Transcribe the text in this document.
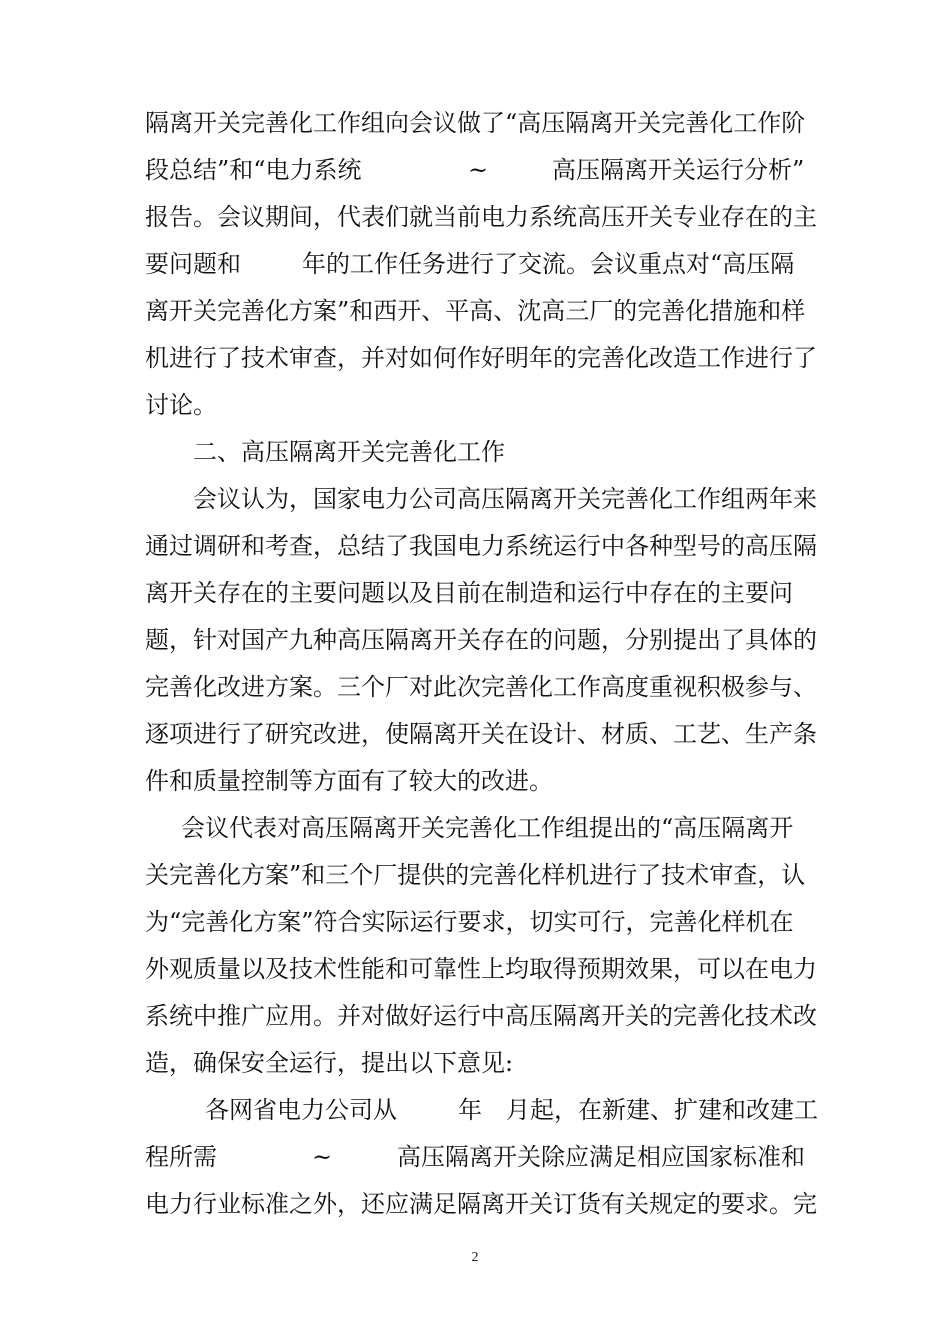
隔离开关完善化工作组向会议做了“高压隔离开关完善化工作阶

段总结”和“电力系统

	~

	高压隔离开关运行分析”

报告。会议期间，代表们就当前电力系统高压开关专业存在的主

要问题和

	年的工作任务进行了交流。会议重点对“高压隔

离开关完善化方案”和西开、平高、沈高三厂的完善化措施和样

机进行了技术审查，并对如何作好明年的完善化改造工作进行了

讨论。

二、高压隔离开关完善化工作

会议认为，国家电力公司高压隔离开关完善化工作组两年来

通过调研和考查，总结了我国电力系统运行中各种型号的高压隔

离开关存在的主要问题以及目前在制造和运行中存在的主要问

题，针对国产九种高压隔离开关存在的问题，分别提出了具体的

完善化改进方案。三个厂对此次完善化工作高度重视积极参与、

逐项进行了研究改进，使隔离开关在设计、材质、工艺、生产条

件和质量控制等方面有了较大的改进。

会议代表对高压隔离开关完善化工作组提出的“高压隔离开

关完善化方案”和三个厂提供的完善化样机进行了技术审查，认

为“完善化方案”符合实际运行要求，切实可行，完善化样机在

外观质量以及技术性能和可靠性上均取得预期效果，可以在电力

系统中推广应用。并对做好运行中高压隔离开关的完善化技术改

造，确保安全运行，提出以下意见:

各网省电力公司从

	年

月起，在新建、扩建和改建工

程所需

	~

	高压隔离开关除应满足相应国家标准和

电力行业标准之外，还应满足隔离开关订货有关规定的要求。完

2
